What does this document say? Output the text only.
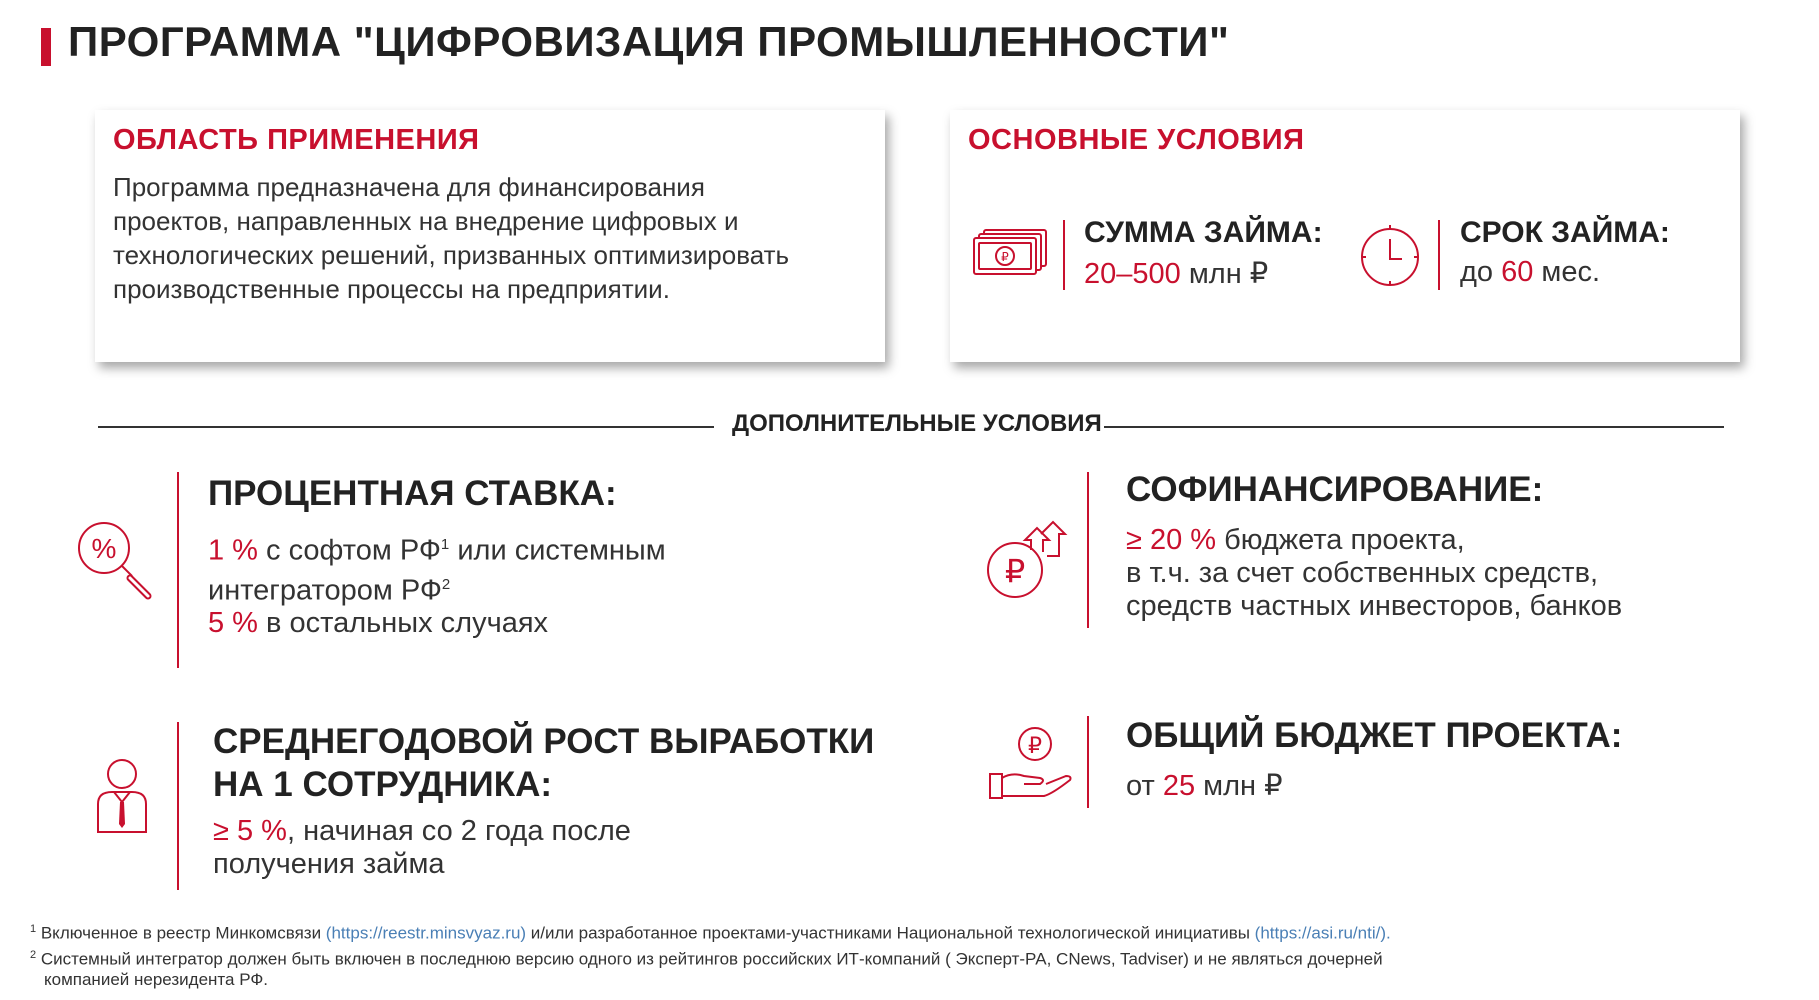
ПРОГРАММА "ЦИФРОВИЗАЦИЯ ПРОМЫШЛЕННОСТИ"
ОБЛАСТЬ ПРИМЕНЕНИЯ
Программа предназначена для финансирования
проектов, направленных на внедрение цифровых и
технологических решений, призванных оптимизировать
производственные процессы на предприятии.
ОСНОВНЫЕ УСЛОВИЯ
₽
СУММА ЗАЙМА:
20–500 млн ₽
СРОК ЗАЙМА:
до 60 мес.
ДОПОЛНИТЕЛЬНЫЕ УСЛОВИЯ
%
ПРОЦЕНТНАЯ СТАВКА:
1 % с софтом $РФ^1$ или системным
интегратором $РФ^2$
5 % в остальных случаях
₽
СОФИНАНСИРОВАНИЕ:
≥ 20 % бюджета проекта,
в т.ч. за счет собственных средств,
средств частных инвесторов, банков
СРЕДНЕГОДОВОЙ РОСТ ВЫРАБОТКИ
НА 1 СОТРУДНИКА:
≥ 5 %, начиная со 2 года после
получения займа
₽ ОБЩИЙ БЮДЖЕТ ПРОЕКТА:
от 25 млн ₽
$^1$ Включенное в реестр Минкомсвязи (https://reestr.minsvyaz.ru) и/или разработанное проектами-участниками Национальной технологической инициативы (https://asi.ru/nti/).
$^2$ Системный интегратор должен быть включен в последнюю версию одного из рейтингов российских ИТ-компаний ( Эксперт-РА, CNews, Tadviser) и не являться дочерней
компанией нерезидента РФ.
